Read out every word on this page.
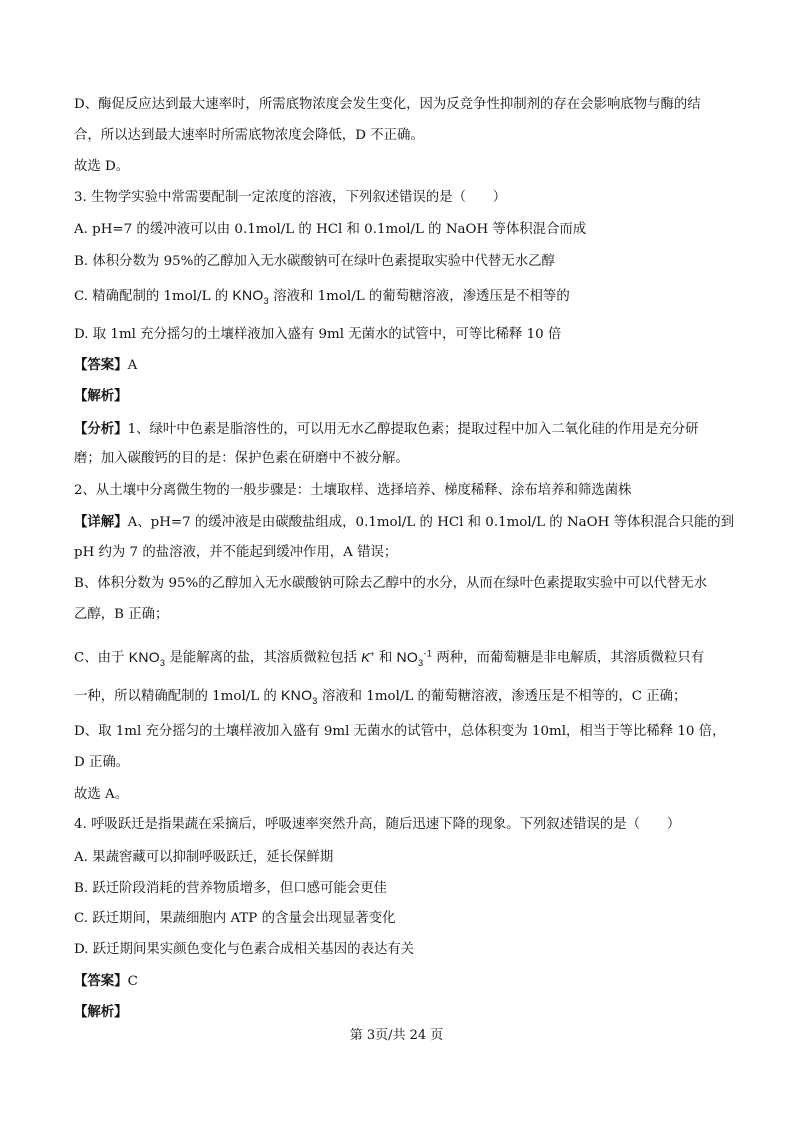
D、酶促反应达到最大速率时，所需底物浓度会发生变化，因为反竞争性抑制剂的存在会影响底物与酶的结
合，所以达到最大速率时所需底物浓度会降低，D 不正确。
故选 D。
3. 生物学实验中常需要配制一定浓度的溶液，下列叙述错误的是（　　）
A. pH=7 的缓冲液可以由 0.1mol/L 的 HCl 和 0.1mol/L 的 NaOH 等体积混合而成
B. 体积分数为 95%的乙醇加入无水碳酸钠可在绿叶色素提取实验中代替无水乙醇
C. 精确配制的 1mol/L 的 $KNO_3$ 溶液和 1mol/L 的葡萄糖溶液，渗透压是不相等的
D. 取 1ml 充分摇匀的土壤样液加入盛有 9ml 无菌水的试管中，可等比稀释 10 倍
【答案】A
【解析】
【分析】1、绿叶中色素是脂溶性的，可以用无水乙醇提取色素；提取过程中加入二氧化硅的作用是充分研
磨；加入碳酸钙的目的是：保护色素在研磨中不被分解。
2、从土壤中分离微生物的一般步骤是：土壤取样、选择培养、梯度稀释、涂布培养和筛选菌株
【详解】A、pH=7 的缓冲液是由碳酸盐组成，0.1mol/L 的 HCl 和 0.1mol/L 的 NaOH 等体积混合只能的到
pH 约为 7 的盐溶液，并不能起到缓冲作用，A 错误；
B、体积分数为 95%的乙醇加入无水碳酸钠可除去乙醇中的水分，从而在绿叶色素提取实验中可以代替无水
乙醇，B 正确；
C、由于 $KNO_3$ 是能解离的盐，其溶质微粒包括 K+ 和 $NO_3^{-1}$ 两种，而葡萄糖是非电解质，其溶质微粒只有
一种，所以精确配制的 1mol/L 的 $KNO_3$ 溶液和 1mol/L 的葡萄糖溶液，渗透压是不相等的，C 正确；
D、取 1ml 充分摇匀的土壤样液加入盛有 9ml 无菌水的试管中，总体积变为 10ml，相当于等比稀释 10 倍，
D 正确。
故选 A。
4. 呼吸跃迁是指果蔬在采摘后，呼吸速率突然升高，随后迅速下降的现象。下列叙述错误的是（　　）
A. 果蔬窖藏可以抑制呼吸跃迁，延长保鲜期
B. 跃迁阶段消耗的营养物质增多，但口感可能会更佳
C. 跃迁期间，果蔬细胞内 ATP 的含量会出现显著变化
D. 跃迁期间果实颜色变化与色素合成相关基因的表达有关
【答案】C
【解析】
第 3页/共 24 页
